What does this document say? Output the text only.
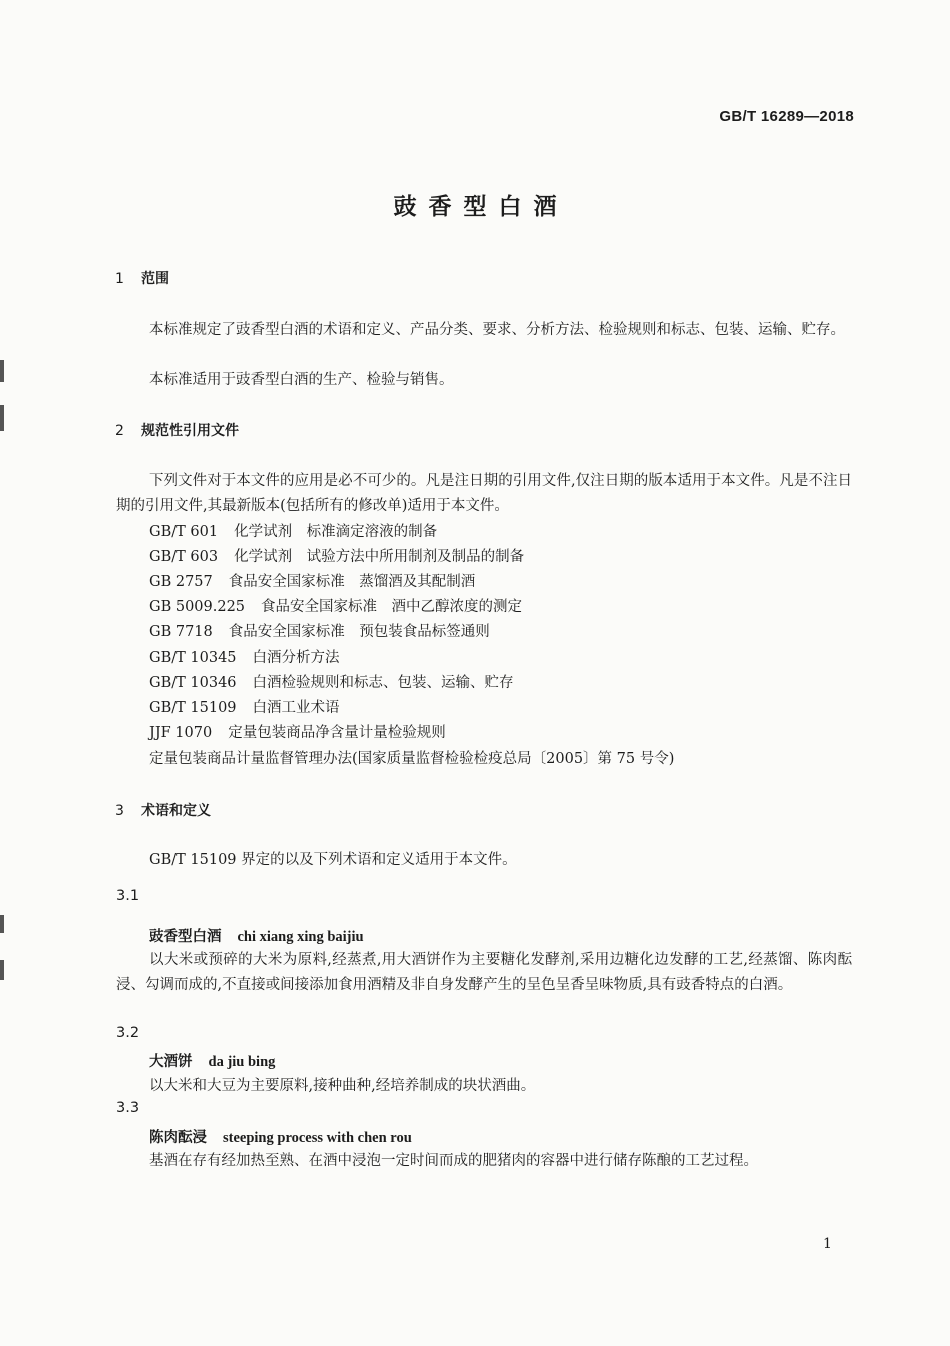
GB/T 16289—2018
豉香型白酒
1 范围
本标准规定了豉香型白酒的术语和定义、产品分类、要求、分析方法、检验规则和标志、包装、运输、贮存。
本标准适用于豉香型白酒的生产、检验与销售。
2 规范性引用文件
下列文件对于本文件的应用是必不可少的。凡是注日期的引用文件,仅注日期的版本适用于本文件。凡是不注日期的引用文件,其最新版本(包括所有的修改单)适用于本文件。
GB/T 601 化学试剂　标准滴定溶液的制备
GB/T 603 化学试剂　试验方法中所用制剂及制品的制备
GB 2757 食品安全国家标准　蒸馏酒及其配制酒
GB 5009.225 食品安全国家标准　酒中乙醇浓度的测定
GB 7718 食品安全国家标准　预包装食品标签通则
GB/T 10345 白酒分析方法
GB/T 10346 白酒检验规则和标志、包装、运输、贮存
GB/T 15109 白酒工业术语
JJF 1070 定量包装商品净含量计量检验规则
定量包装商品计量监督管理办法(国家质量监督检验检疫总局〔2005〕第 75 号令)
3 术语和定义
GB/T 15109 界定的以及下列术语和定义适用于本文件。
3.1
豉香型白酒 chi xiang xing baijiu
以大米或预碎的大米为原料,经蒸煮,用大酒饼作为主要糖化发酵剂,采用边糖化边发酵的工艺,经蒸馏、陈肉酝浸、勾调而成的,不直接或间接添加食用酒精及非自身发酵产生的呈色呈香呈味物质,具有豉香特点的白酒。
3.2
大酒饼 da jiu bing
以大米和大豆为主要原料,接种曲种,经培养制成的块状酒曲。
3.3
陈肉酝浸 steeping process with chen rou
基酒在存有经加热至熟、在酒中浸泡一定时间而成的肥猪肉的容器中进行储存陈酿的工艺过程。
1
